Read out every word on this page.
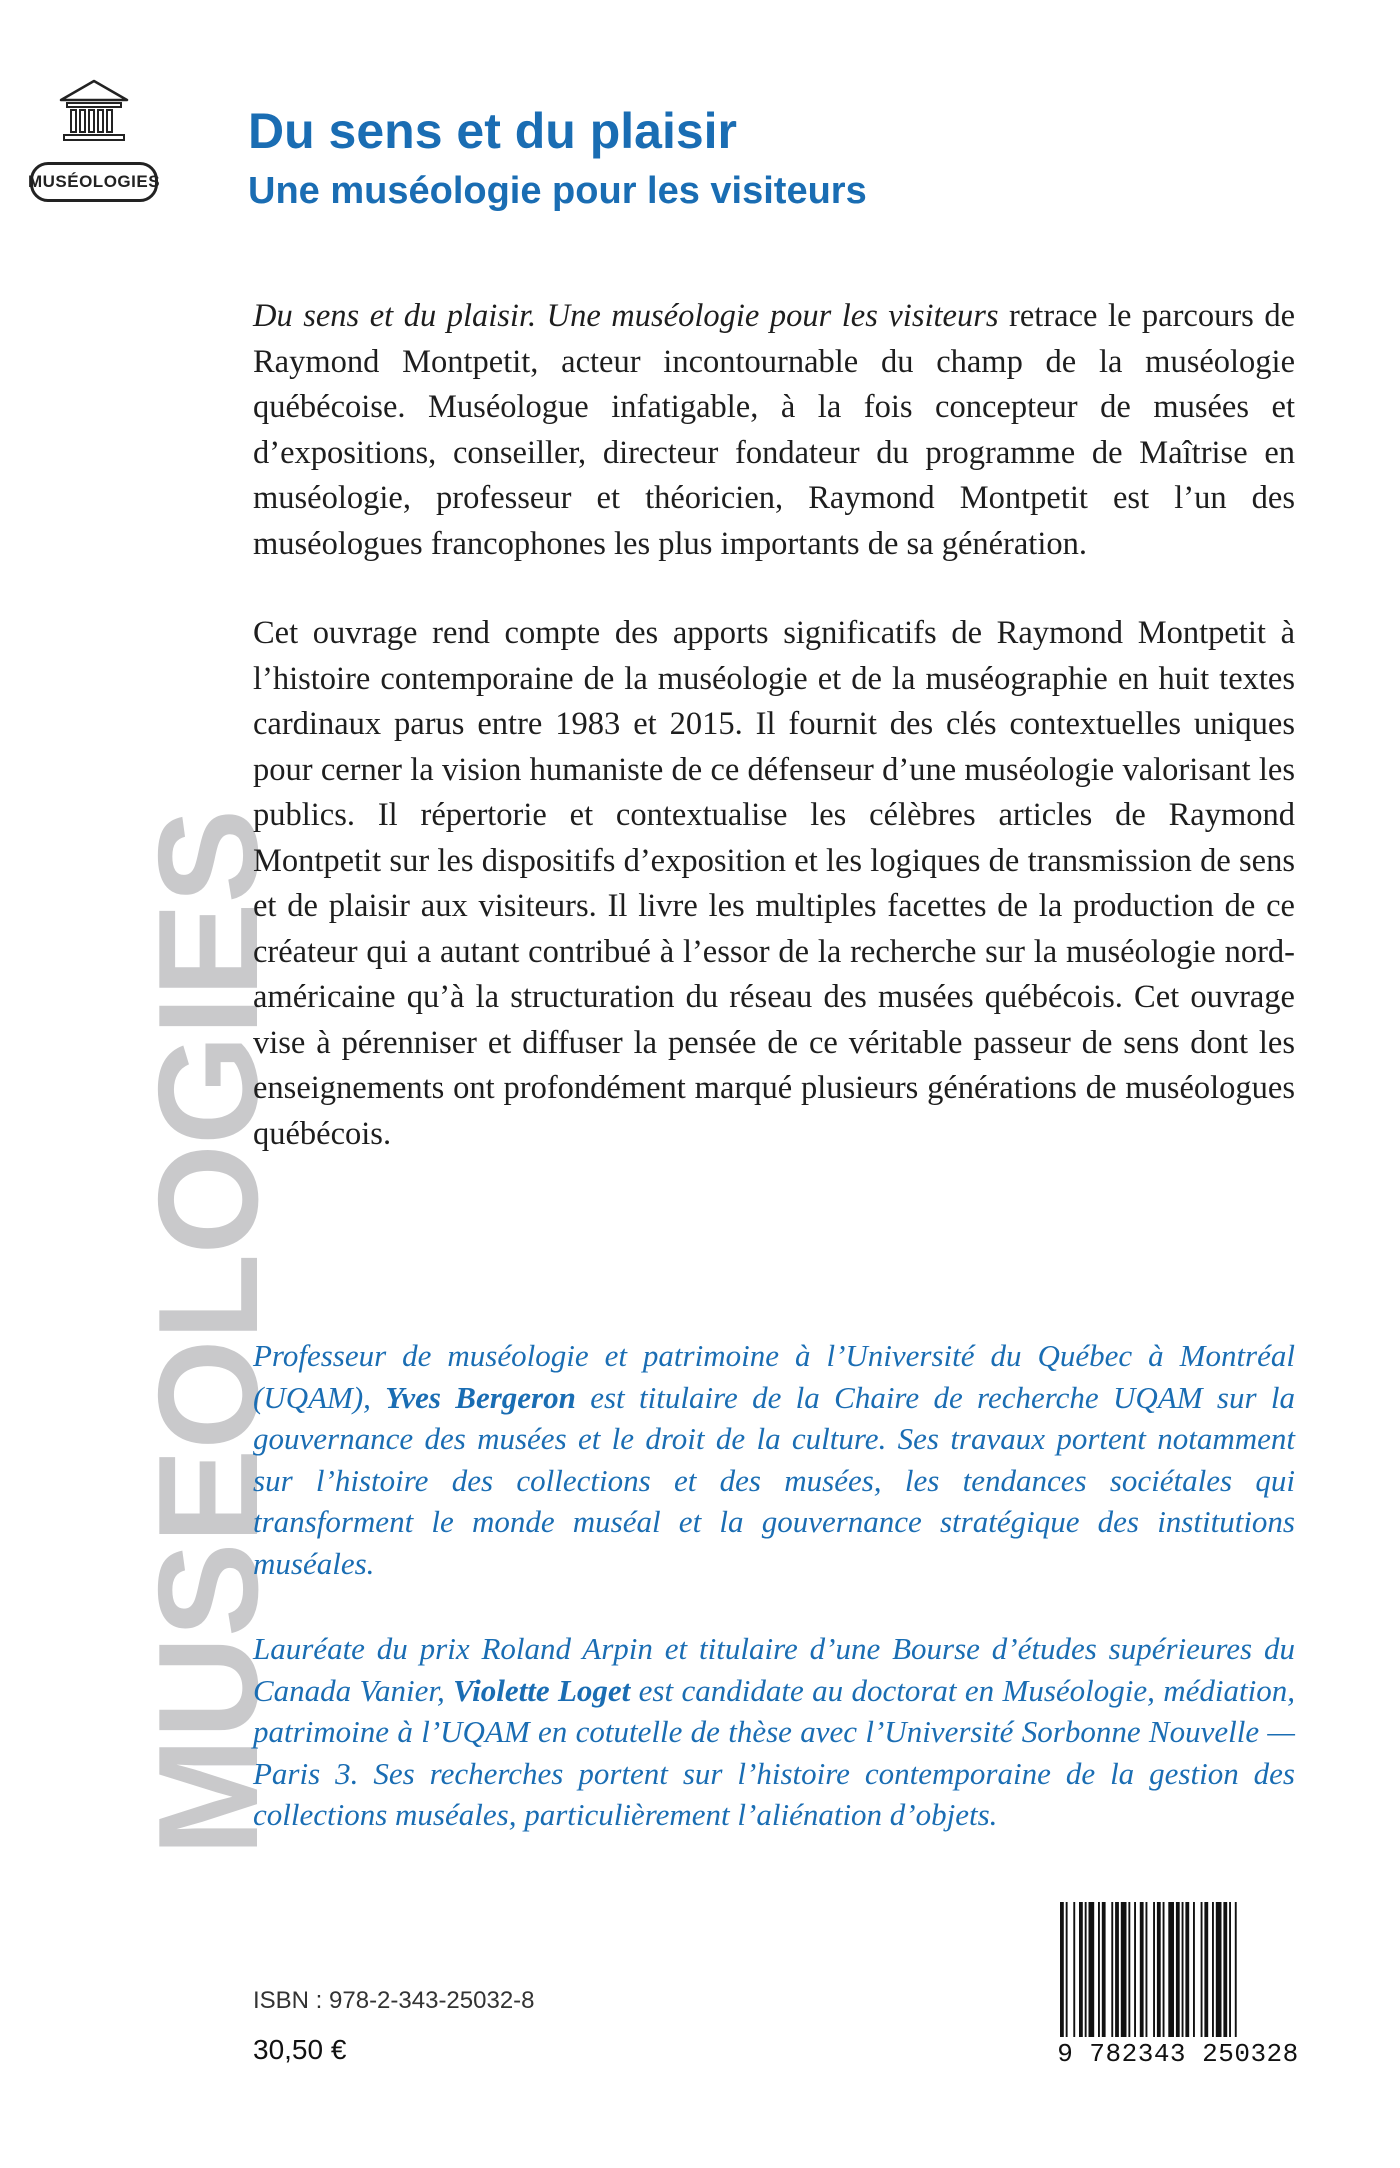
MUSÉOLOGIES
MUSEOLOGIES
Du sens et du plaisir
Une muséologie pour les visiteurs

Du sens et du plaisir. Une muséologie pour les visiteurs retrace le parcours de Raymond Montpetit, acteur incontournable du champ de la muséologie québécoise. Muséologue infatigable, à la fois concepteur de musées et d’expositions, conseiller, directeur fondateur du programme de Maîtrise en muséologie, professeur et théoricien, Raymond Montpetit est l’un des muséologues francophones les plus importants de sa génération.

Cet ouvrage rend compte des apports significatifs de Raymond Montpetit à l’histoire contemporaine de la muséologie et de la muséographie en huit textes cardinaux parus entre 1983 et 2015. Il fournit des clés contextuelles uniques pour cerner la vision humaniste de ce défenseur d’une muséologie valorisant les publics. Il répertorie et contextualise les célèbres articles de Raymond Montpetit sur les dispositifs d’exposition et les logiques de transmission de sens et de plaisir aux visiteurs. Il livre les multiples facettes de la production de ce créateur qui a autant contribué à l’essor de la recherche sur la muséologie nord-américaine qu’à la structuration du réseau des musées québécois. Cet ouvrage vise à pérenniser et diffuser la pensée de ce véritable passeur de sens dont les enseignements ont profondément marqué plusieurs générations de muséologues québécois.

Professeur de muséologie et patrimoine à l’Université du Québec à Montréal (UQAM), Yves Bergeron est titulaire de la Chaire de recherche UQAM sur la gouvernance des musées et le droit de la culture. Ses travaux portent notamment sur l’histoire des collections et des musées, les tendances sociétales qui transforment le monde muséal et la gouvernance stratégique des institutions muséales.

Lauréate du prix Roland Arpin et titulaire d’une Bourse d’études supérieures du Canada Vanier, Violette Loget est candidate au doctorat en Muséologie, médiation, patrimoine à l’UQAM en cotutelle de thèse avec l’Université Sorbonne Nouvelle — Paris 3. Ses recherches portent sur l’histoire contemporaine de la gestion des collections muséales, particulièrement l’aliénation d’objets.

ISBN : 978-2-343-25032-8
30,50 €	9 782343 250328
